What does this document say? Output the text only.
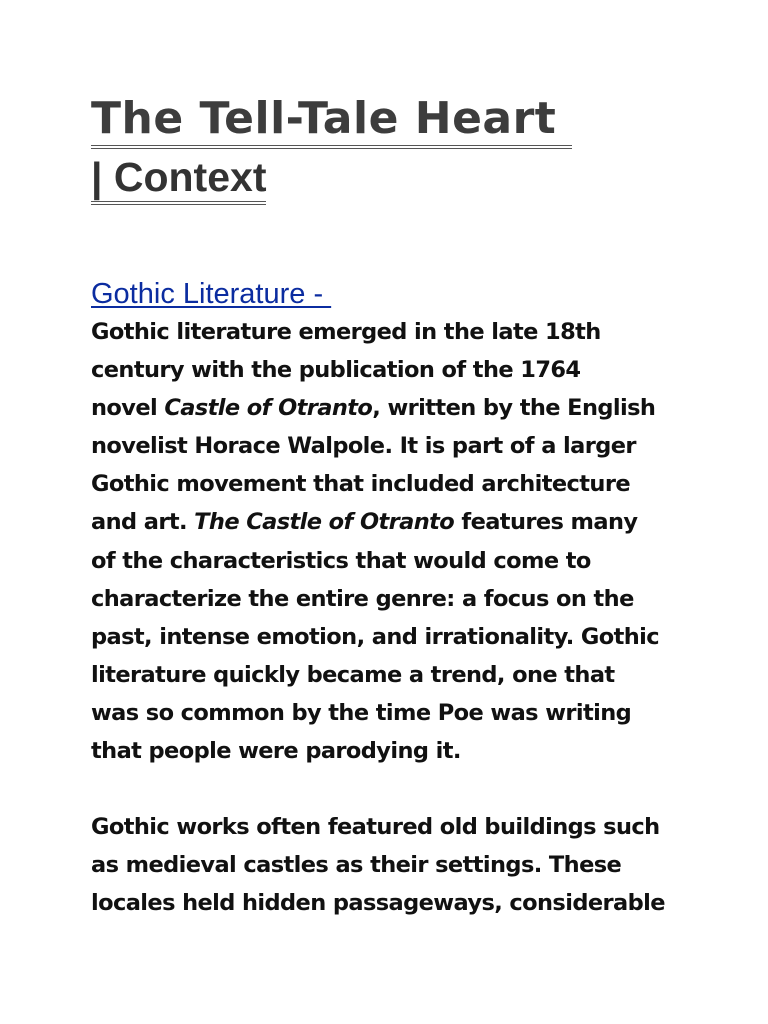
The Tell-Tale Heart
| Context
Gothic Literature -

Gothic literature emerged in the late 18th
century with the publication of the 1764
novel Castle of Otranto, written by the English
novelist Horace Walpole. It is part of a larger
Gothic movement that included architecture
and art. The Castle of Otranto features many
of the characteristics that would come to
characterize the entire genre: a focus on the
past, intense emotion, and irrationality. Gothic
literature quickly became a trend, one that
was so common by the time Poe was writing
that people were parodying it.

Gothic works often featured old buildings such
as medieval castles as their settings. These
locales held hidden passageways, considerable
